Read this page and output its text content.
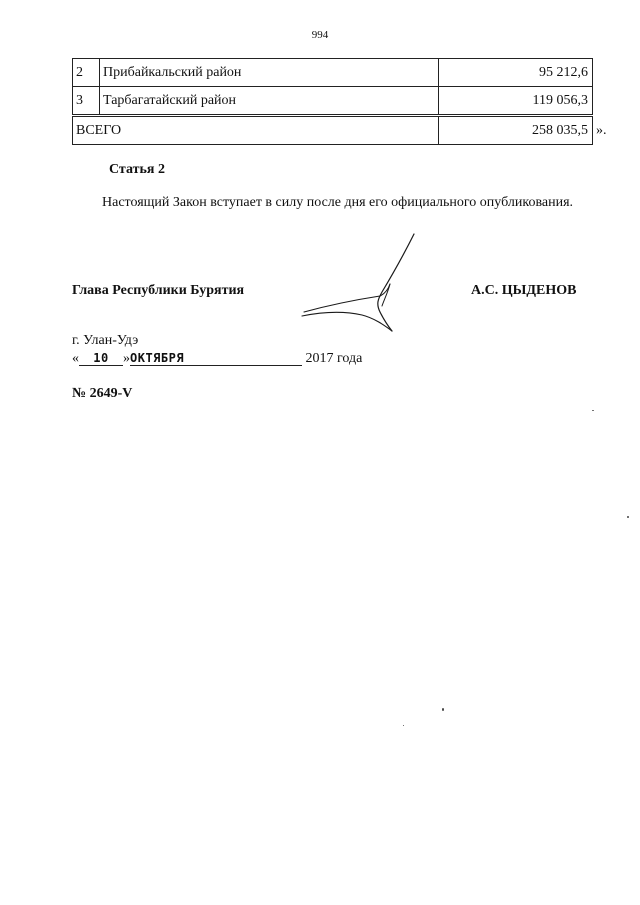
994
2	Прибайкальский район	95 212,6
3	Тарбагатайский район	119 056,3
ВСЕГО		258 035,5 ».
Статья 2
Настоящий Закон вступает в силу после дня его официального опубликования.
Глава Республики Бурятия	А.С. ЦЫДЕНОВ
г. Улан-Удэ
« 10 »ОКТЯБРЯ	2017 года
№ 2649-V
